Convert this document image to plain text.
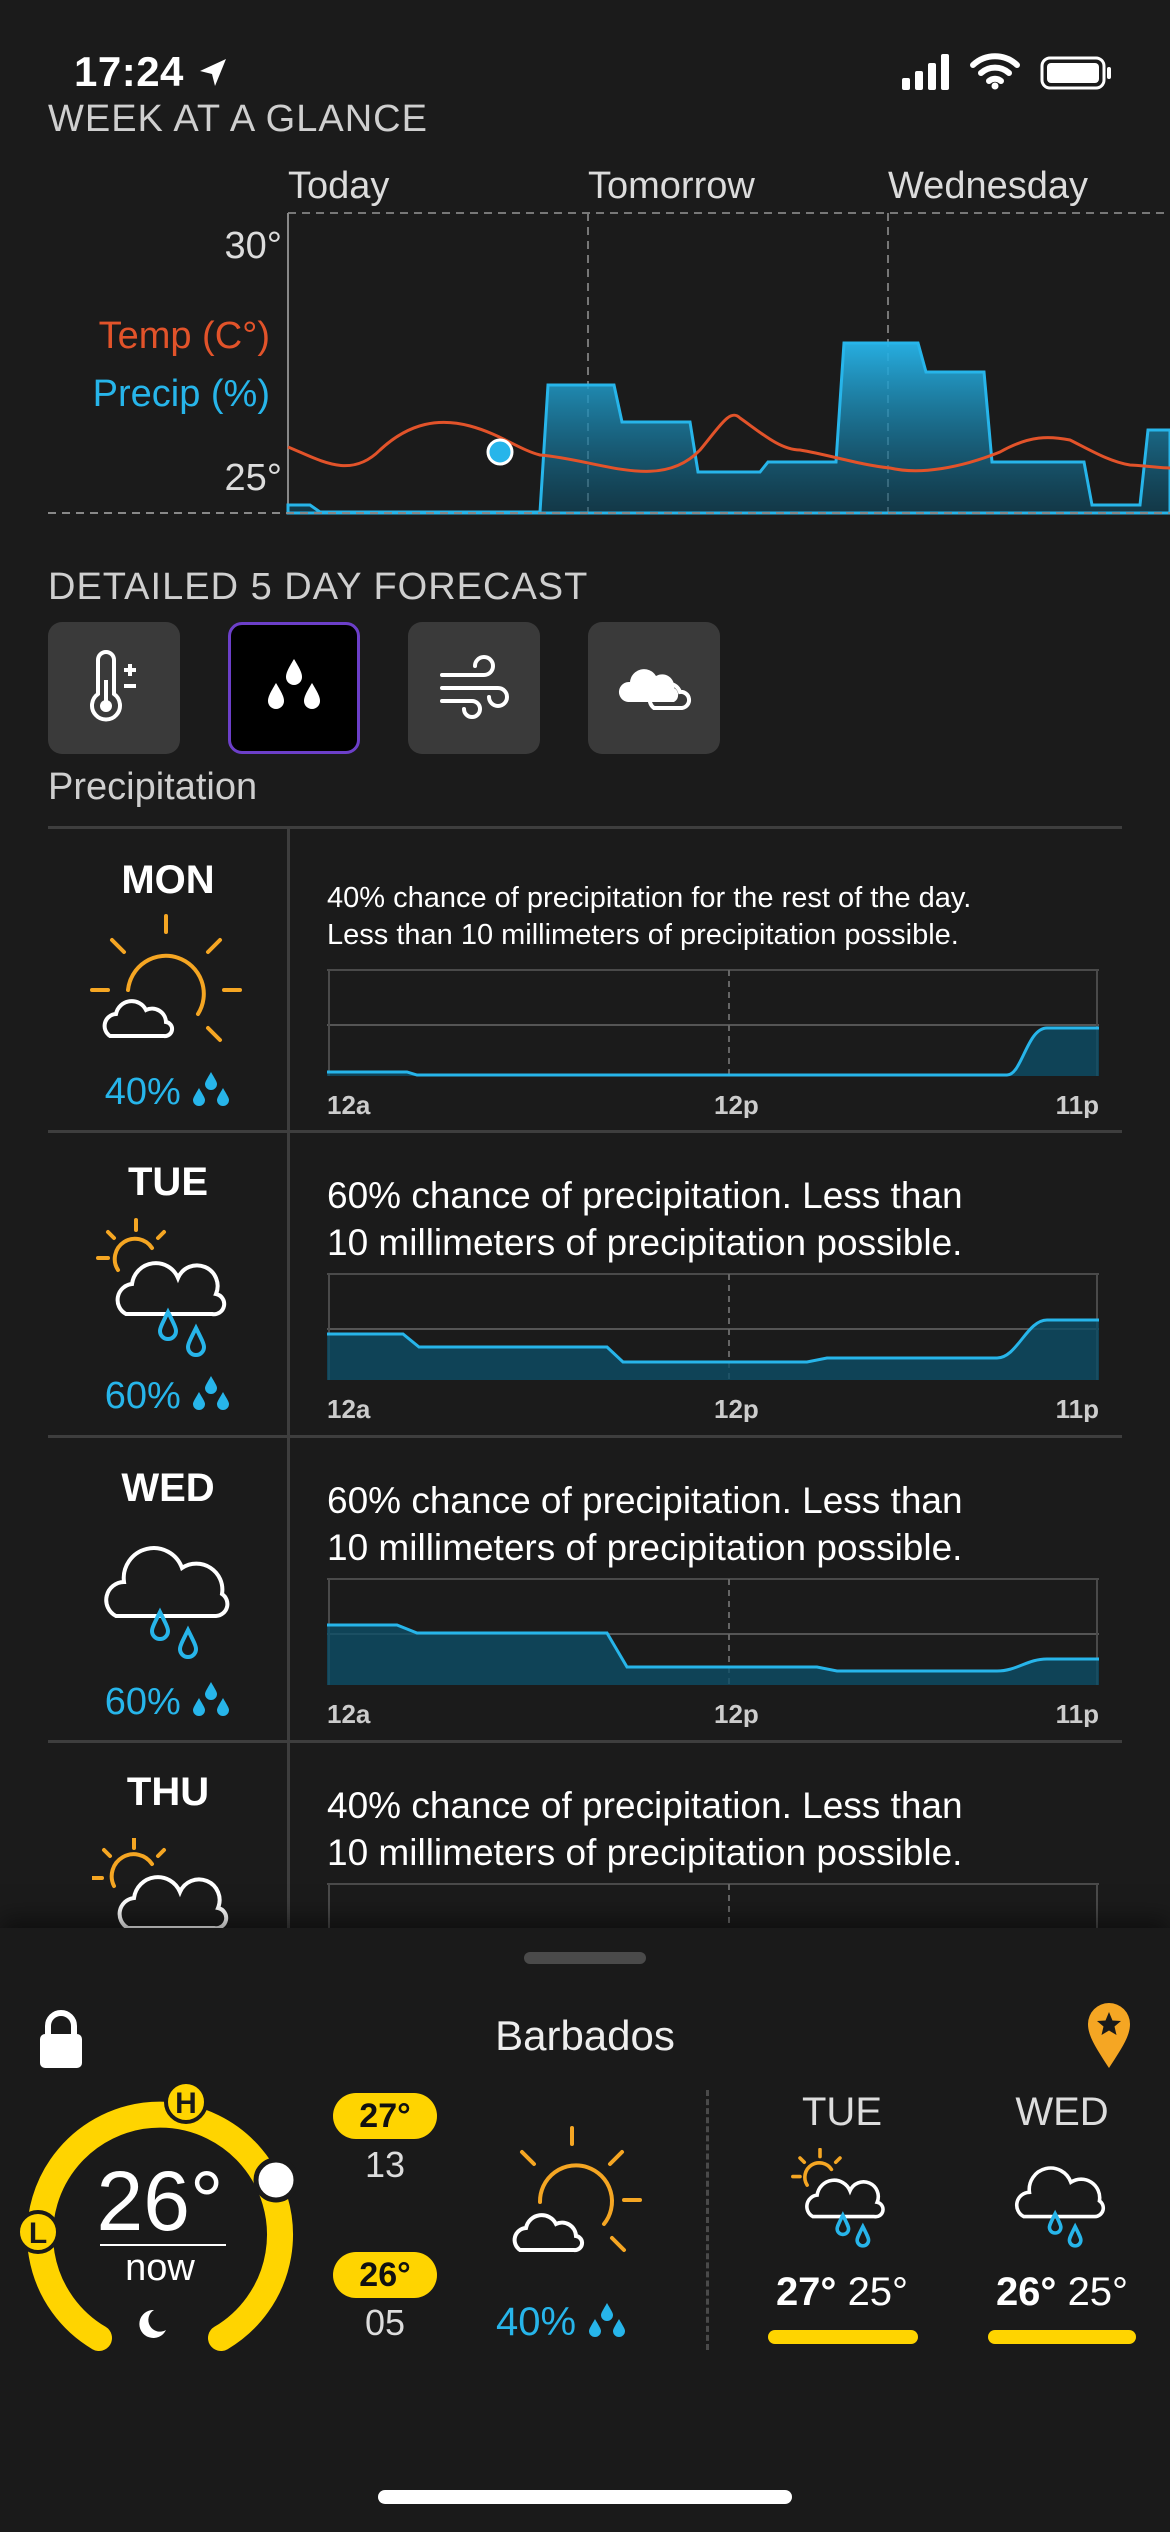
17:24
WEEK AT A GLANCE
Today	Tomorrow	Wednesday
30°
25°
Temp (C°)
Precip (%)
DETAILED 5 DAY FORECAST
Precipitation
MON
40%
40% chance of precipitation for the rest of the day.
Less than 10 millimeters of precipitation possible.
12a	12p	11p
TUE
60%
60% chance of precipitation. Less than
10 millimeters of precipitation possible.
12a	12p	11p
WED
60%
60% chance of precipitation. Less than
10 millimeters of precipitation possible.
12a	12p	11p
THU	40% chance of precipitation. Less than
10 millimeters of precipitation possible.
Barbados
H
L 26°
now
27°
13
26°
05	40%
TUE
27° 25°
WED
26° 25°
